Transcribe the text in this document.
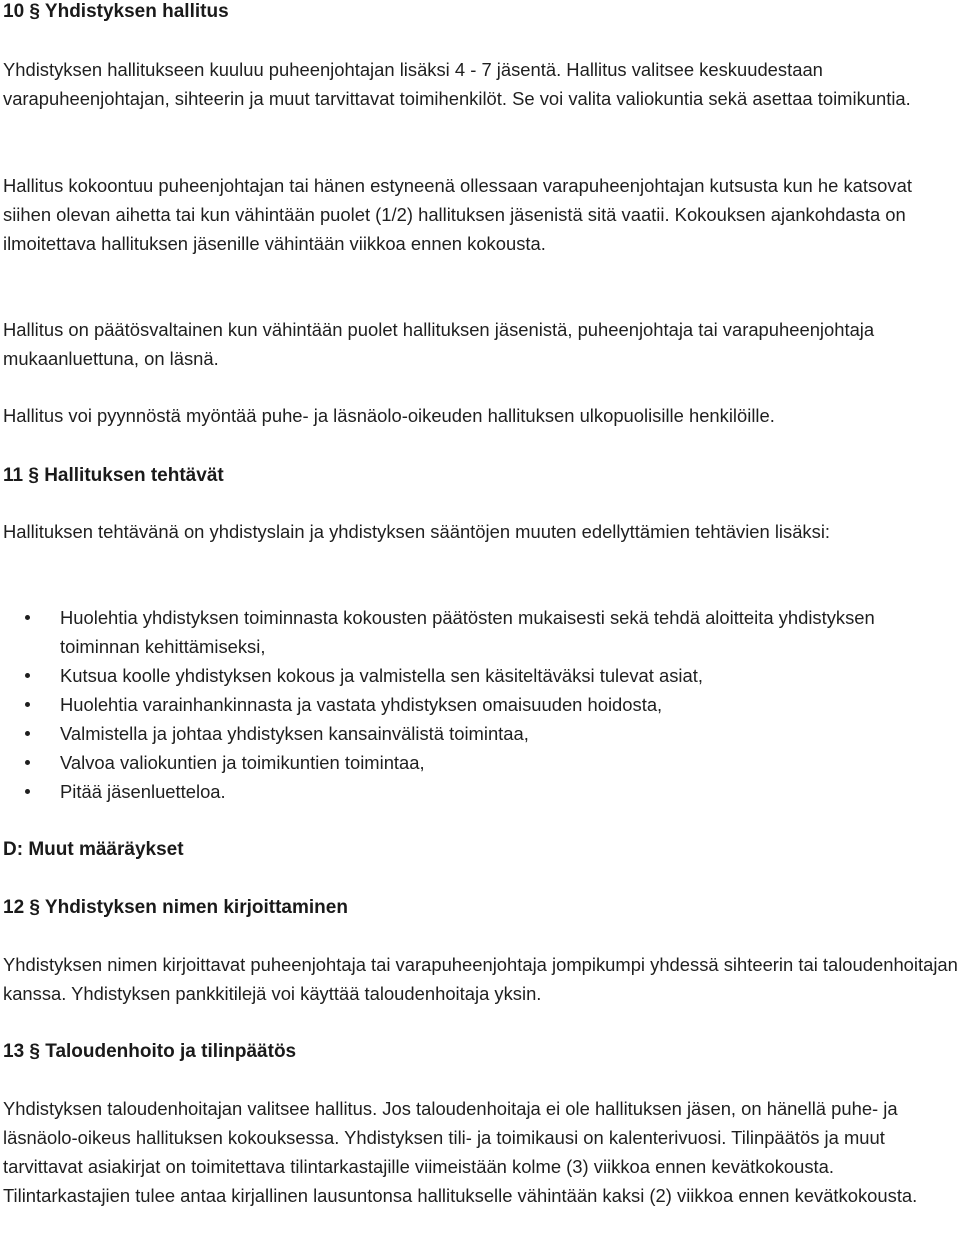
10 § Yhdistyksen hallitus

Yhdistyksen hallitukseen kuuluu puheenjohtajan lisäksi 4 - 7 jäsentä. Hallitus valitsee keskuudestaan varapuheenjohtajan, sihteerin ja muut tarvittavat toimihenkilöt. Se voi valita valiokuntia sekä asettaa toimikuntia.

Hallitus kokoontuu puheenjohtajan tai hänen estyneenä ollessaan varapuheenjohtajan kutsusta kun he katsovat siihen olevan aihetta tai kun vähintään puolet (1/2) hallituksen jäsenistä sitä vaatii. Kokouksen ajankohdasta on ilmoitettava hallituksen jäsenille vähintään viikkoa ennen kokousta.

Hallitus on päätösvaltainen kun vähintään puolet hallituksen jäsenistä, puheenjohtaja tai varapuheenjohtaja mukaanluettuna, on läsnä.

Hallitus voi pyynnöstä myöntää puhe- ja läsnäolo-oikeuden hallituksen ulkopuolisille henkilöille.

11 § Hallituksen tehtävät

Hallituksen tehtävänä on yhdistyslain ja yhdistyksen sääntöjen muuten edellyttämien tehtävien lisäksi:

Huolehtia yhdistyksen toiminnasta kokousten päätösten mukaisesti sekä tehdä aloitteita yhdistyksen toiminnan kehittämiseksi,
Kutsua koolle yhdistyksen kokous ja valmistella sen käsiteltäväksi tulevat asiat,
Huolehtia varainhankinnasta ja vastata yhdistyksen omaisuuden hoidosta,
Valmistella ja johtaa yhdistyksen kansainvälistä toimintaa,
Valvoa valiokuntien ja toimikuntien toimintaa,
Pitää jäsenluetteloa.
D: Muut määräykset
12 § Yhdistyksen nimen kirjoittaminen

Yhdistyksen nimen kirjoittavat puheenjohtaja tai varapuheenjohtaja jompikumpi yhdessä sihteerin tai taloudenhoitajan kanssa. Yhdistyksen pankkitilejä voi käyttää taloudenhoitaja yksin.

13 § Taloudenhoito ja tilinpäätös

Yhdistyksen taloudenhoitajan valitsee hallitus. Jos taloudenhoitaja ei ole hallituksen jäsen, on hänellä puhe- ja läsnäolo-oikeus hallituksen kokouksessa. Yhdistyksen tili- ja toimikausi on kalenterivuosi. Tilinpäätös ja muut tarvittavat asiakirjat on toimitettava tilintarkastajille viimeistään kolme (3) viikkoa ennen kevätkokousta. Tilintarkastajien tulee antaa kirjallinen lausuntonsa hallitukselle vähintään kaksi (2) viikkoa ennen kevätkokousta.
